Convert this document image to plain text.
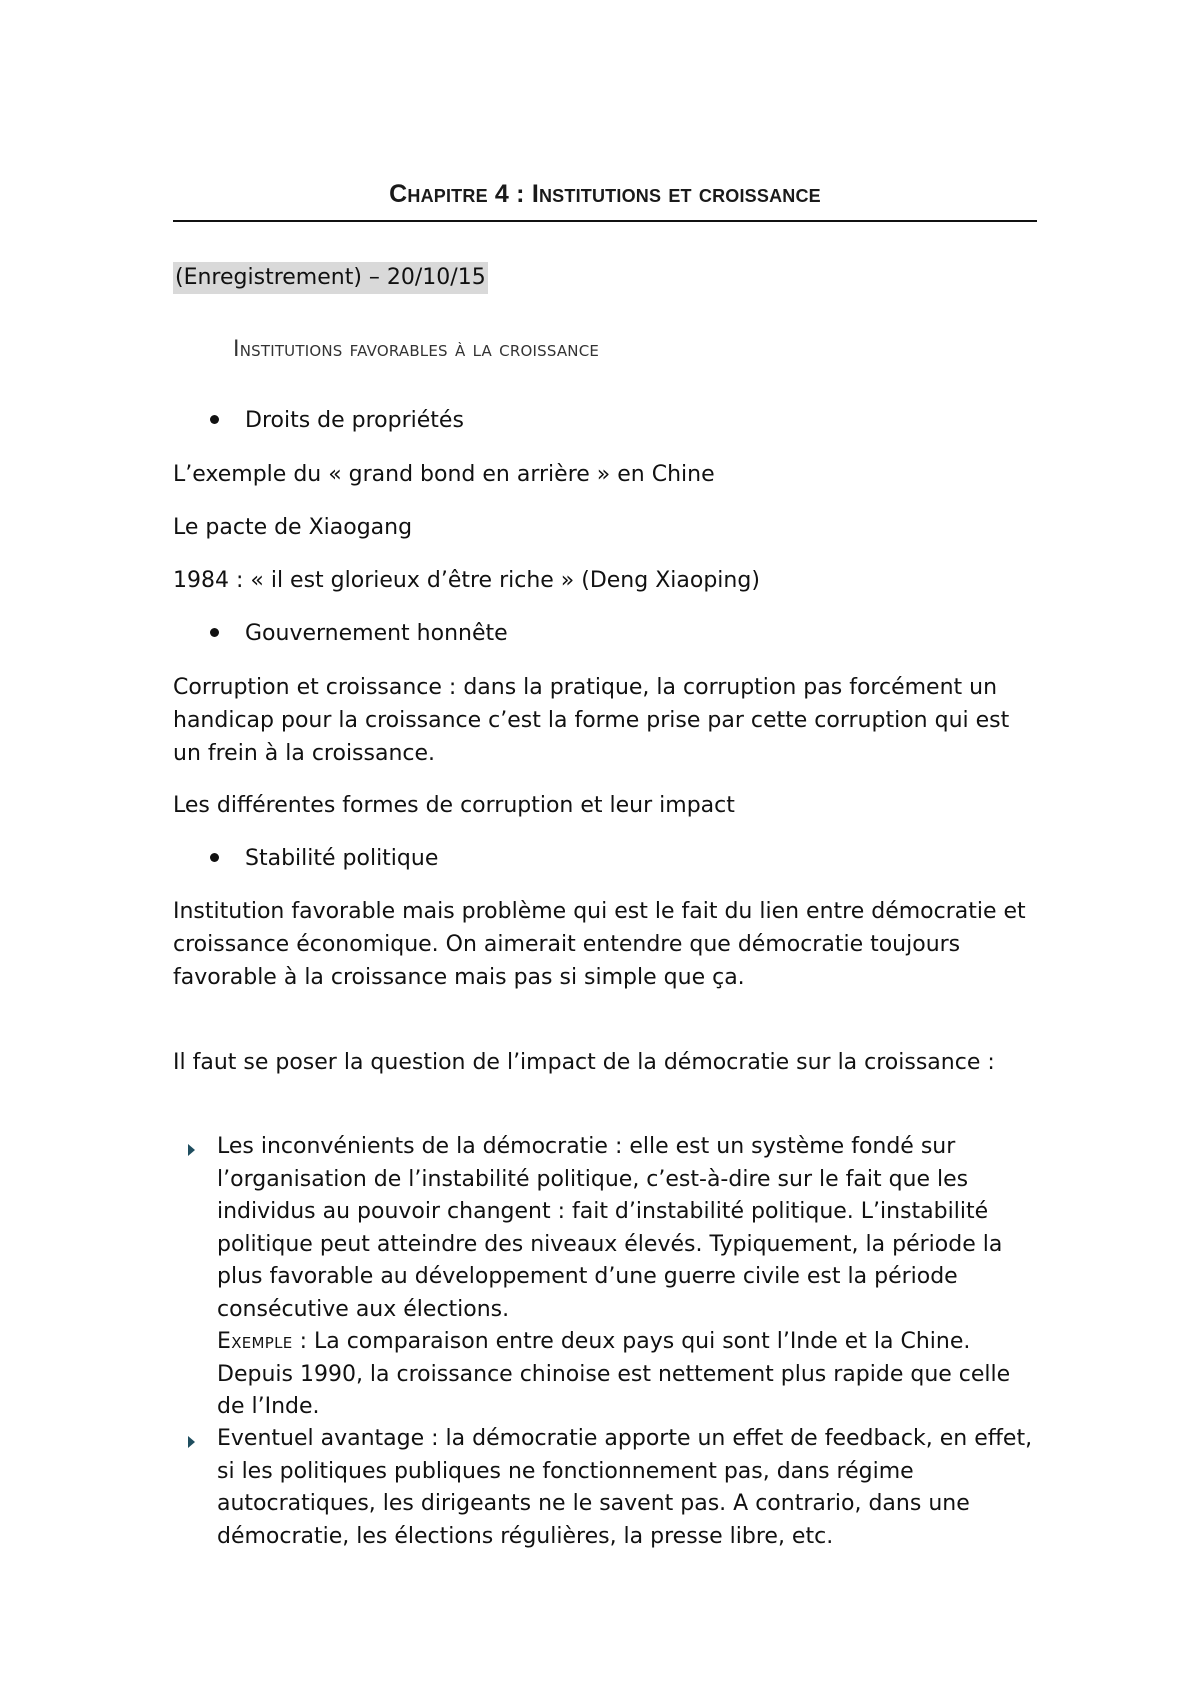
Chapitre 4 : Institutions et croissance
(Enregistrement) – 20/10/15
Institutions favorables à la croissance
Droits de propriétés

L’exemple du « grand bond en arrière » en Chine

Le pacte de Xiaogang

1984 : « il est glorieux d’être riche » (Deng Xiaoping)

Gouvernement honnête

Corruption et croissance : dans la pratique, la corruption pas forcément un handicap pour la croissance c’est la forme prise par cette corruption qui est un frein à la croissance.

Les différentes formes de corruption et leur impact

Stabilité politique

Institution favorable mais problème qui est le fait du lien entre démocratie et croissance économique. On aimerait entendre que démocratie toujours favorable à la croissance mais pas si simple que ça.

Il faut se poser la question de l’impact de la démocratie sur la croissance :

Les inconvénients de la démocratie : elle est un système fondé sur l’organisation de l’instabilité politique, c’est-à-dire sur le fait que les individus au pouvoir changent : fait d’instabilité politique. L’instabilité politique peut atteindre des niveaux élevés. Typiquement, la période la plus favorable au développement d’une guerre civile est la période consécutive aux élections.
Exemple : La comparaison entre deux pays qui sont l’Inde et la Chine. Depuis 1990, la croissance chinoise est nettement plus rapide que celle de l’Inde.
Eventuel avantage : la démocratie apporte un effet de feedback, en effet, si les politiques publiques ne fonctionnement pas, dans régime autocratiques, les dirigeants ne le savent pas. A contrario, dans une démocratie, les élections régulières, la presse libre, etc.
